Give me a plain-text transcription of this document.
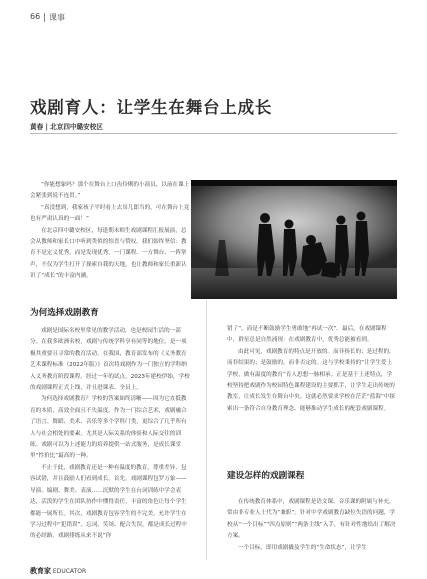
66 课事
戏剧育人：让学生在舞台上成长
黄春 | 北京四中璐安校区

“你能想象吗？那个在舞台上口齿伶俐的小演员，以前在课上会紧张到说不连贯。”

“真没想到，我家孩子平时看上去吊儿郎当的，可在舞台上竟也有严肃认真的一面！”

在北京四中璐安校区，每逢期末师生戏剧课程汇报展演，总会从教师和家长口中听到类似的惊喜与赞叹。我们始终坚信：教育不是定义优秀，而是发现优秀。一门课程、一方舞台、一阵掌声，不仅为学生打开了探索自我的天地，也让教师和家长重新认识了“成长”的丰富内涵。

为何选择戏剧教育

戏剧是国际名校里常见的教学活动，也是校园生活的一部分。在我多欧洲名校，戏剧与传统学科享有同等的地位，是一项极其重要且寻常的教育活动。在我国，教育部发布的《义务教育艺术课程标准（2022年版）》首次将戏剧作为一门独立的学科纳入义务教育阶段课程。经过一年的试点，2023年建校伊始，学校的戏剧课程正式上线，并且进课表、全员上。

为何选择戏剧教育？学校的答案始终清晰——因为它直抵教育的本质，高效全面且不失温度。作为一门综合艺术，戏剧融合了语言、舞蹈、美术、音乐等多个学科门类，更综合了几乎所有人与社会相处的要素，尤其是人际关系的体验和人际交往的训练。戏剧可以为上述能力的培养提供一站式服务，是成长课堂里“性价比”最高的一种。

不止于此，戏剧教育还是一种有温度的教育，尊重差异，包容试错，并且鼓励人们看到成长。首先，戏剧课程包罗万象——导演、编剧、舞美、表演……沉默的学生在台词训练中学会表达，活泼的学生在团队协作中懂得责任，丰富的角色让每个学生都能一展所长。其次，戏剧教育包容学生的不完美，允许学生在学习过程中“犯错误”。忘词、笑场、配合失误，都是成长过程中的必经路。戏剧排练从来不说“你

错了”，而是不断鼓励学生勇敢地“再试一次”。最后，在戏剧课程中，群星总是自然涌现：在戏剧教育中，优秀总能被看到。

由此可见，戏剧教育的特点是开放的。而非扬长的；是过程的，而非结果的；是鼓励的，而非否定的。这与学校秉持的“让学生爱上学校，做有温度的教育”育人思想一脉相承。正是基于上述特点，学校坚持把戏剧作为校园特色课程建设的主要抓手，让学生走出传统的教室，让成长发生在舞台中央。这就必然要求学校在茫茫“蓝海”中探索出一条符合自身教育理念、能够推动学生成长的配套戏剧课程。

建设怎样的戏剧课程

在传统教育体系中，戏剧课程是语文课、音乐课的附属与补充，常由非专业人士代为“兼职”。针对中学戏剧教育缺位失语的问题，学校从“一个目标”“四点原则”“两条主线”入手，有针对性地给出了解决方案。

一个目标，即用戏剧撬及学生的“生命状态”，让学生

教育家 EDUCATOR
